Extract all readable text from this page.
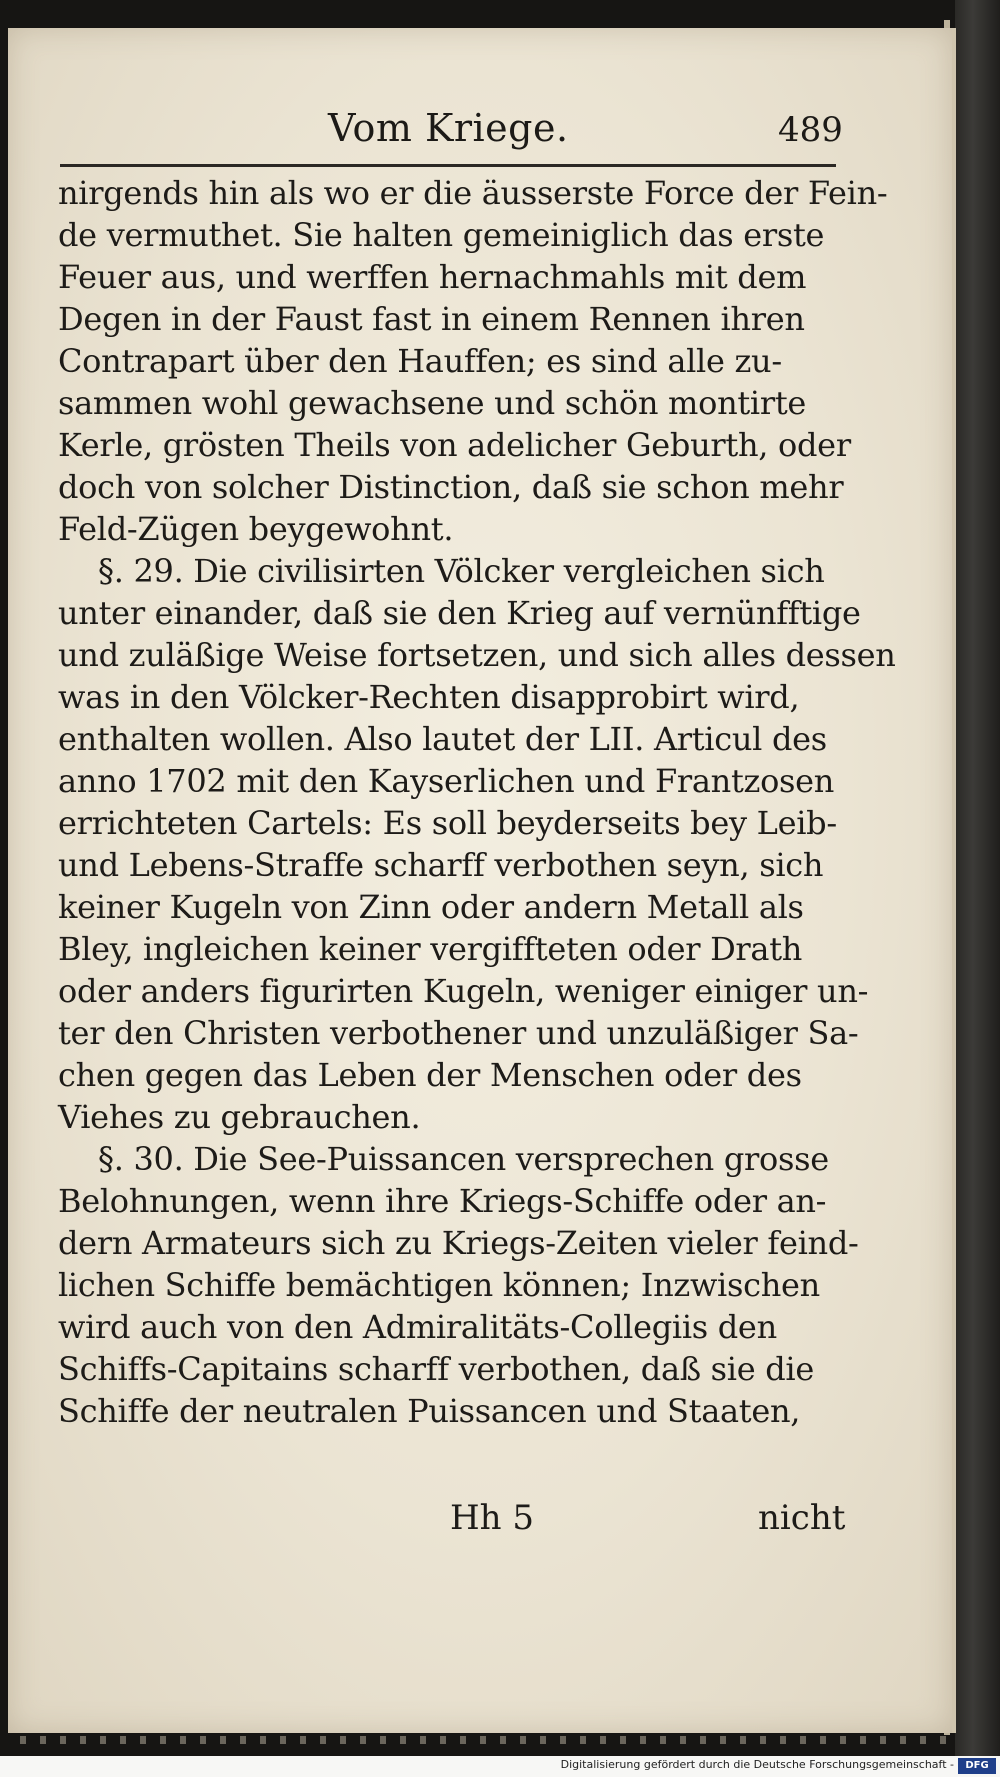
Vom Kriege.	489
nirgends hin als wo er die äusserste Force der Fein-
de vermuthet. Sie halten gemeiniglich das erste
Feuer aus, und werffen hernachmahls mit dem
Degen in der Faust fast in einem Rennen ihren
Contrapart über den Hauffen; es sind alle zu-
sammen wohl gewachsene und schön montirte
Kerle, grösten Theils von adelicher Geburth, oder
doch von solcher Distinction, daß sie schon mehr
Feld-Zügen beygewohnt.
§. 29. Die civilisirten Völcker vergleichen sich
unter einander, daß sie den Krieg auf vernünfftige
und zuläßige Weise fortsetzen, und sich alles dessen
was in den Völcker-Rechten disapprobirt wird,
enthalten wollen. Also lautet der LII. Articul des
anno 1702 mit den Kayserlichen und Frantzosen
errichteten Cartels: Es soll beyderseits bey Leib-
und Lebens-Straffe scharff verbothen seyn, sich
keiner Kugeln von Zinn oder andern Metall als
Bley, ingleichen keiner vergiffteten oder Drath
oder anders figurirten Kugeln, weniger einiger un-
ter den Christen verbothener und unzuläßiger Sa-
chen gegen das Leben der Menschen oder des
Viehes zu gebrauchen.
§. 30. Die See-Puissancen versprechen grosse
Belohnungen, wenn ihre Kriegs-Schiffe oder an-
dern Armateurs sich zu Kriegs-Zeiten vieler feind-
lichen Schiffe bemächtigen können; Inzwischen
wird auch von den Admiralitäts-Collegiis den
Schiffs-Capitains scharff verbothen, daß sie die
Schiffe der neutralen Puissancen und Staaten,
Hh 5	nicht
Digitalisierung gefördert durch die Deutsche Forschungsgemeinschaft -	DFG
